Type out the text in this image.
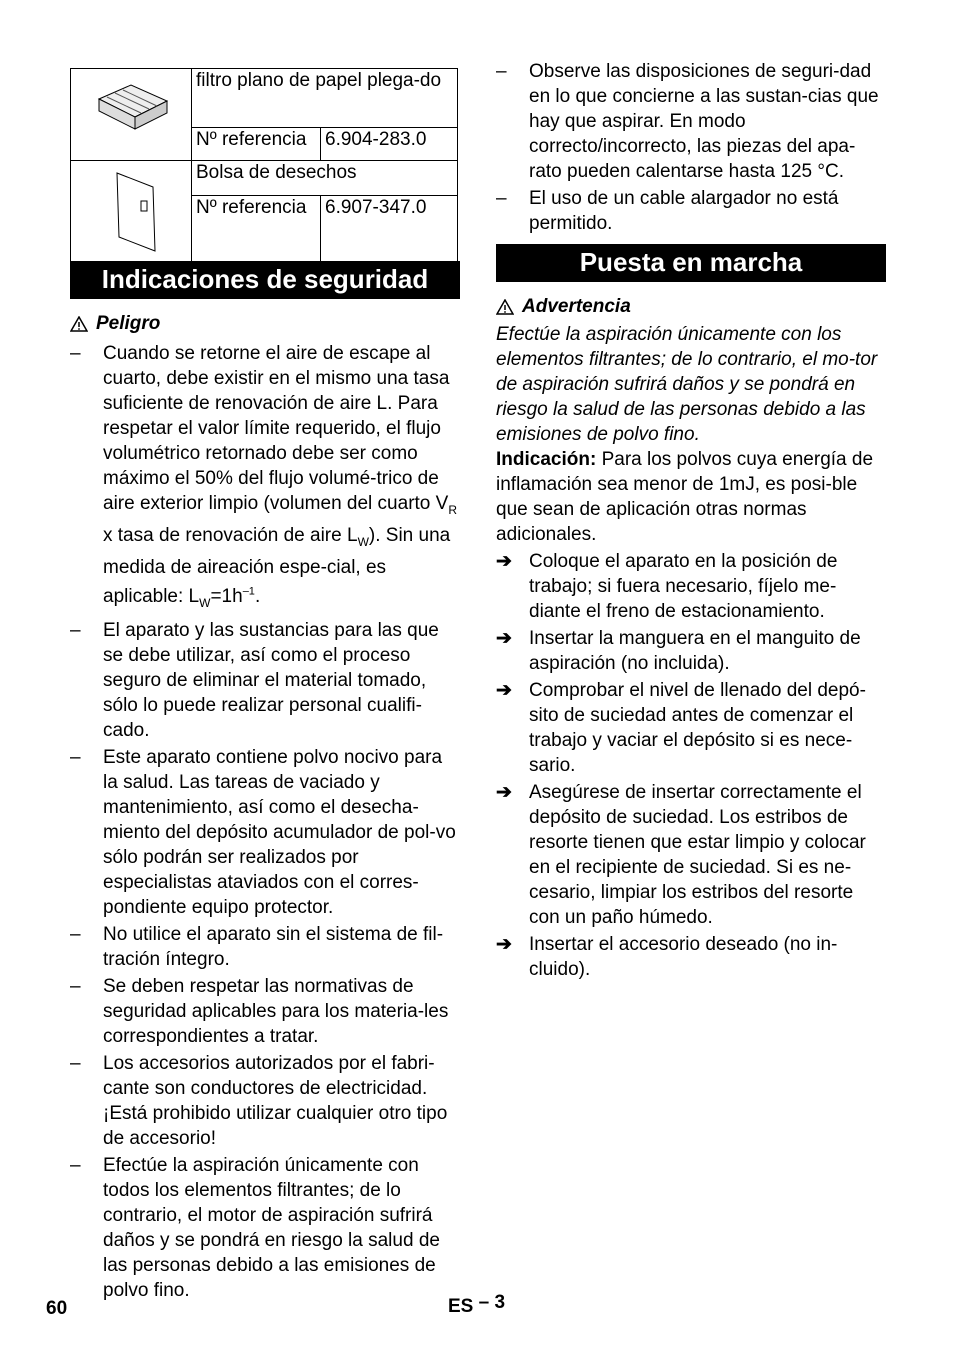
	filtro plano de papel plega-do	
	Nº referencia	6.904-283.0
	Bolsa de desechos	
	Nº referencia	6.907-347.0
Indicaciones de seguridad
Peligro
–	Cuando se retorne el aire de escape al cuarto, debe existir en el mismo una tasa suficiente de renovación de aire L. Para respetar el valor límite requerido, el flujo volumétrico retornado debe ser como máximo el 50% del flujo volumé-trico de aire exterior limpio (volumen del cuarto $V_R$ x tasa de renovación de aire $L_W$). Sin una medida de aireación espe-cial, es aplicable: $L_W=1h^{-1}$.
–	El aparato y las sustancias para las que se debe utilizar, así como el proceso seguro de eliminar el material tomado, sólo lo puede realizar personal cualifi-cado.
–	Este aparato contiene polvo nocivo para la salud. Las tareas de vaciado y mantenimiento, así como el desecha-miento del depósito acumulador de pol-vo sólo podrán ser realizados por especialistas ataviados con el corres-pondiente equipo protector.
–	No utilice el aparato sin el sistema de fil-tración íntegro.
–	Se deben respetar las normativas de seguridad aplicables para los materia-les correspondientes a tratar.
–	Los accesorios autorizados por el fabri-cante son conductores de electricidad. ¡Está prohibido utilizar cualquier otro tipo de accesorio!
–	Efectúe la aspiración únicamente con todos los elementos filtrantes; de lo contrario, el motor de aspiración sufrirá daños y se pondrá en riesgo la salud de las personas debido a las emisiones de polvo fino.
–	Observe las disposiciones de seguri-dad en lo que concierne a las sustan-cias que hay que aspirar. En modo correcto/incorrecto, las piezas del apa-rato pueden calentarse hasta 125 °C.
–	El uso de un cable alargador no está permitido.
Puesta en marcha
Advertencia

Efectúe la aspiración únicamente con los elementos filtrantes; de lo contrario, el mo-tor de aspiración sufrirá daños y se pondrá en riesgo la salud de las personas debido a las emisiones de polvo fino.

Indicación: Para los polvos cuya energía de inflamación sea menor de 1mJ, es posi-ble que sean de aplicación otras normas adicionales.

➔ Coloque el aparato en la posición de trabajo; si fuera necesario, fíjelo me-diante el freno de estacionamiento.
➔ Insertar la manguera en el manguito de aspiración (no incluida).
➔ Comprobar el nivel de llenado del depó-sito de suciedad antes de comenzar el trabajo y vaciar el depósito si es nece-sario.
➔ Asegúrese de insertar correctamente el depósito de suciedad. Los estribos de resorte tienen que estar limpio y colocar en el recipiente de suciedad. Si es ne-cesario, limpiar los estribos del resorte con un paño húmedo.
➔ Insertar el accesorio deseado (no in-cluido).
60	ES – 3
